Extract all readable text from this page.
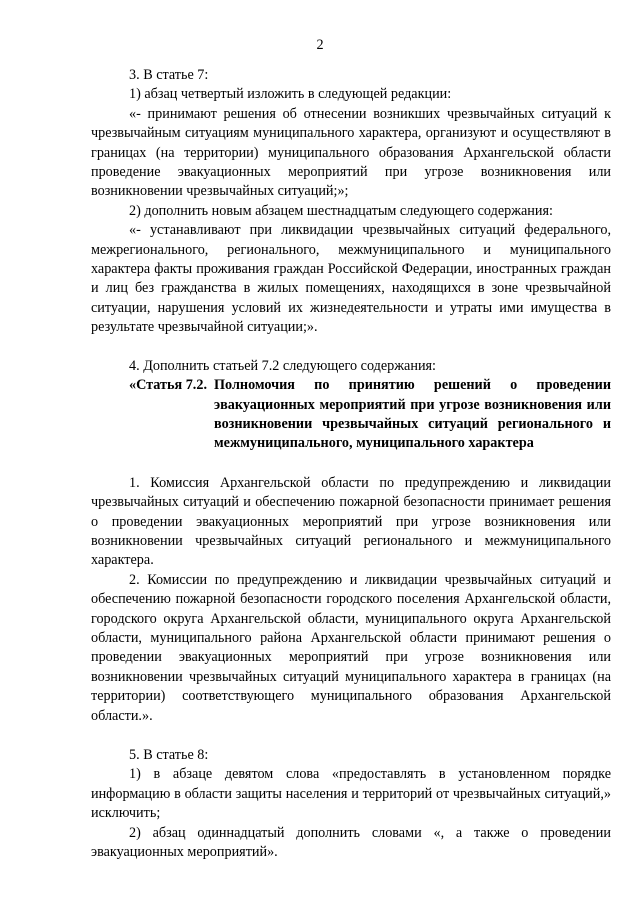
2

3. В статье 7:

1) абзац четвертый изложить в следующей редакции:

«- принимают решения об отнесении возникших чрезвычайных ситуаций к чрезвычайным ситуациям муниципального характера, организуют и осуществляют в границах (на территории) муниципального образования Архангельской области проведение эвакуационных мероприятий при угрозе возникновения или возникновении чрезвычайных ситуаций;»;

2) дополнить новым абзацем шестнадцатым следующего содержания:

«- устанавливают при ликвидации чрезвычайных ситуаций федерального, межрегионального, регионального, межмуниципального и муниципального характера факты проживания граждан Российской Федерации, иностранных граждан и лиц без гражданства в жилых помещениях, находящихся в зоне чрезвычайной ситуации, нарушения условий их жизнедеятельности и утраты ими имущества в результате чрезвычайной ситуации;».

4. Дополнить статьей 7.2 следующего содержания:

«Статья 7.2. Полномочия по принятию решений о проведении эвакуационных мероприятий при угрозе возникновения или возникновении чрезвычайных ситуаций регионального и межмуниципального, муниципального характера

1. Комиссия Архангельской области по предупреждению и ликвидации чрезвычайных ситуаций и обеспечению пожарной безопасности принимает решения о проведении эвакуационных мероприятий при угрозе возникновения или возникновении чрезвычайных ситуаций регионального и межмуниципального характера.

2. Комиссии по предупреждению и ликвидации чрезвычайных ситуаций и обеспечению пожарной безопасности городского поселения Архангельской области, городского округа Архангельской области, муниципального округа Архангельской области, муниципального района Архангельской области принимают решения о проведении эвакуационных мероприятий при угрозе возникновения или возникновении чрезвычайных ситуаций муниципального характера в границах (на территории) соответствующего муниципального образования Архангельской области.».

5. В статье 8:

1) в абзаце девятом слова «предоставлять в установленном порядке информацию в области защиты населения и территорий от чрезвычайных ситуаций,» исключить;

2) абзац одиннадцатый дополнить словами «, а также о проведении эвакуационных мероприятий».
